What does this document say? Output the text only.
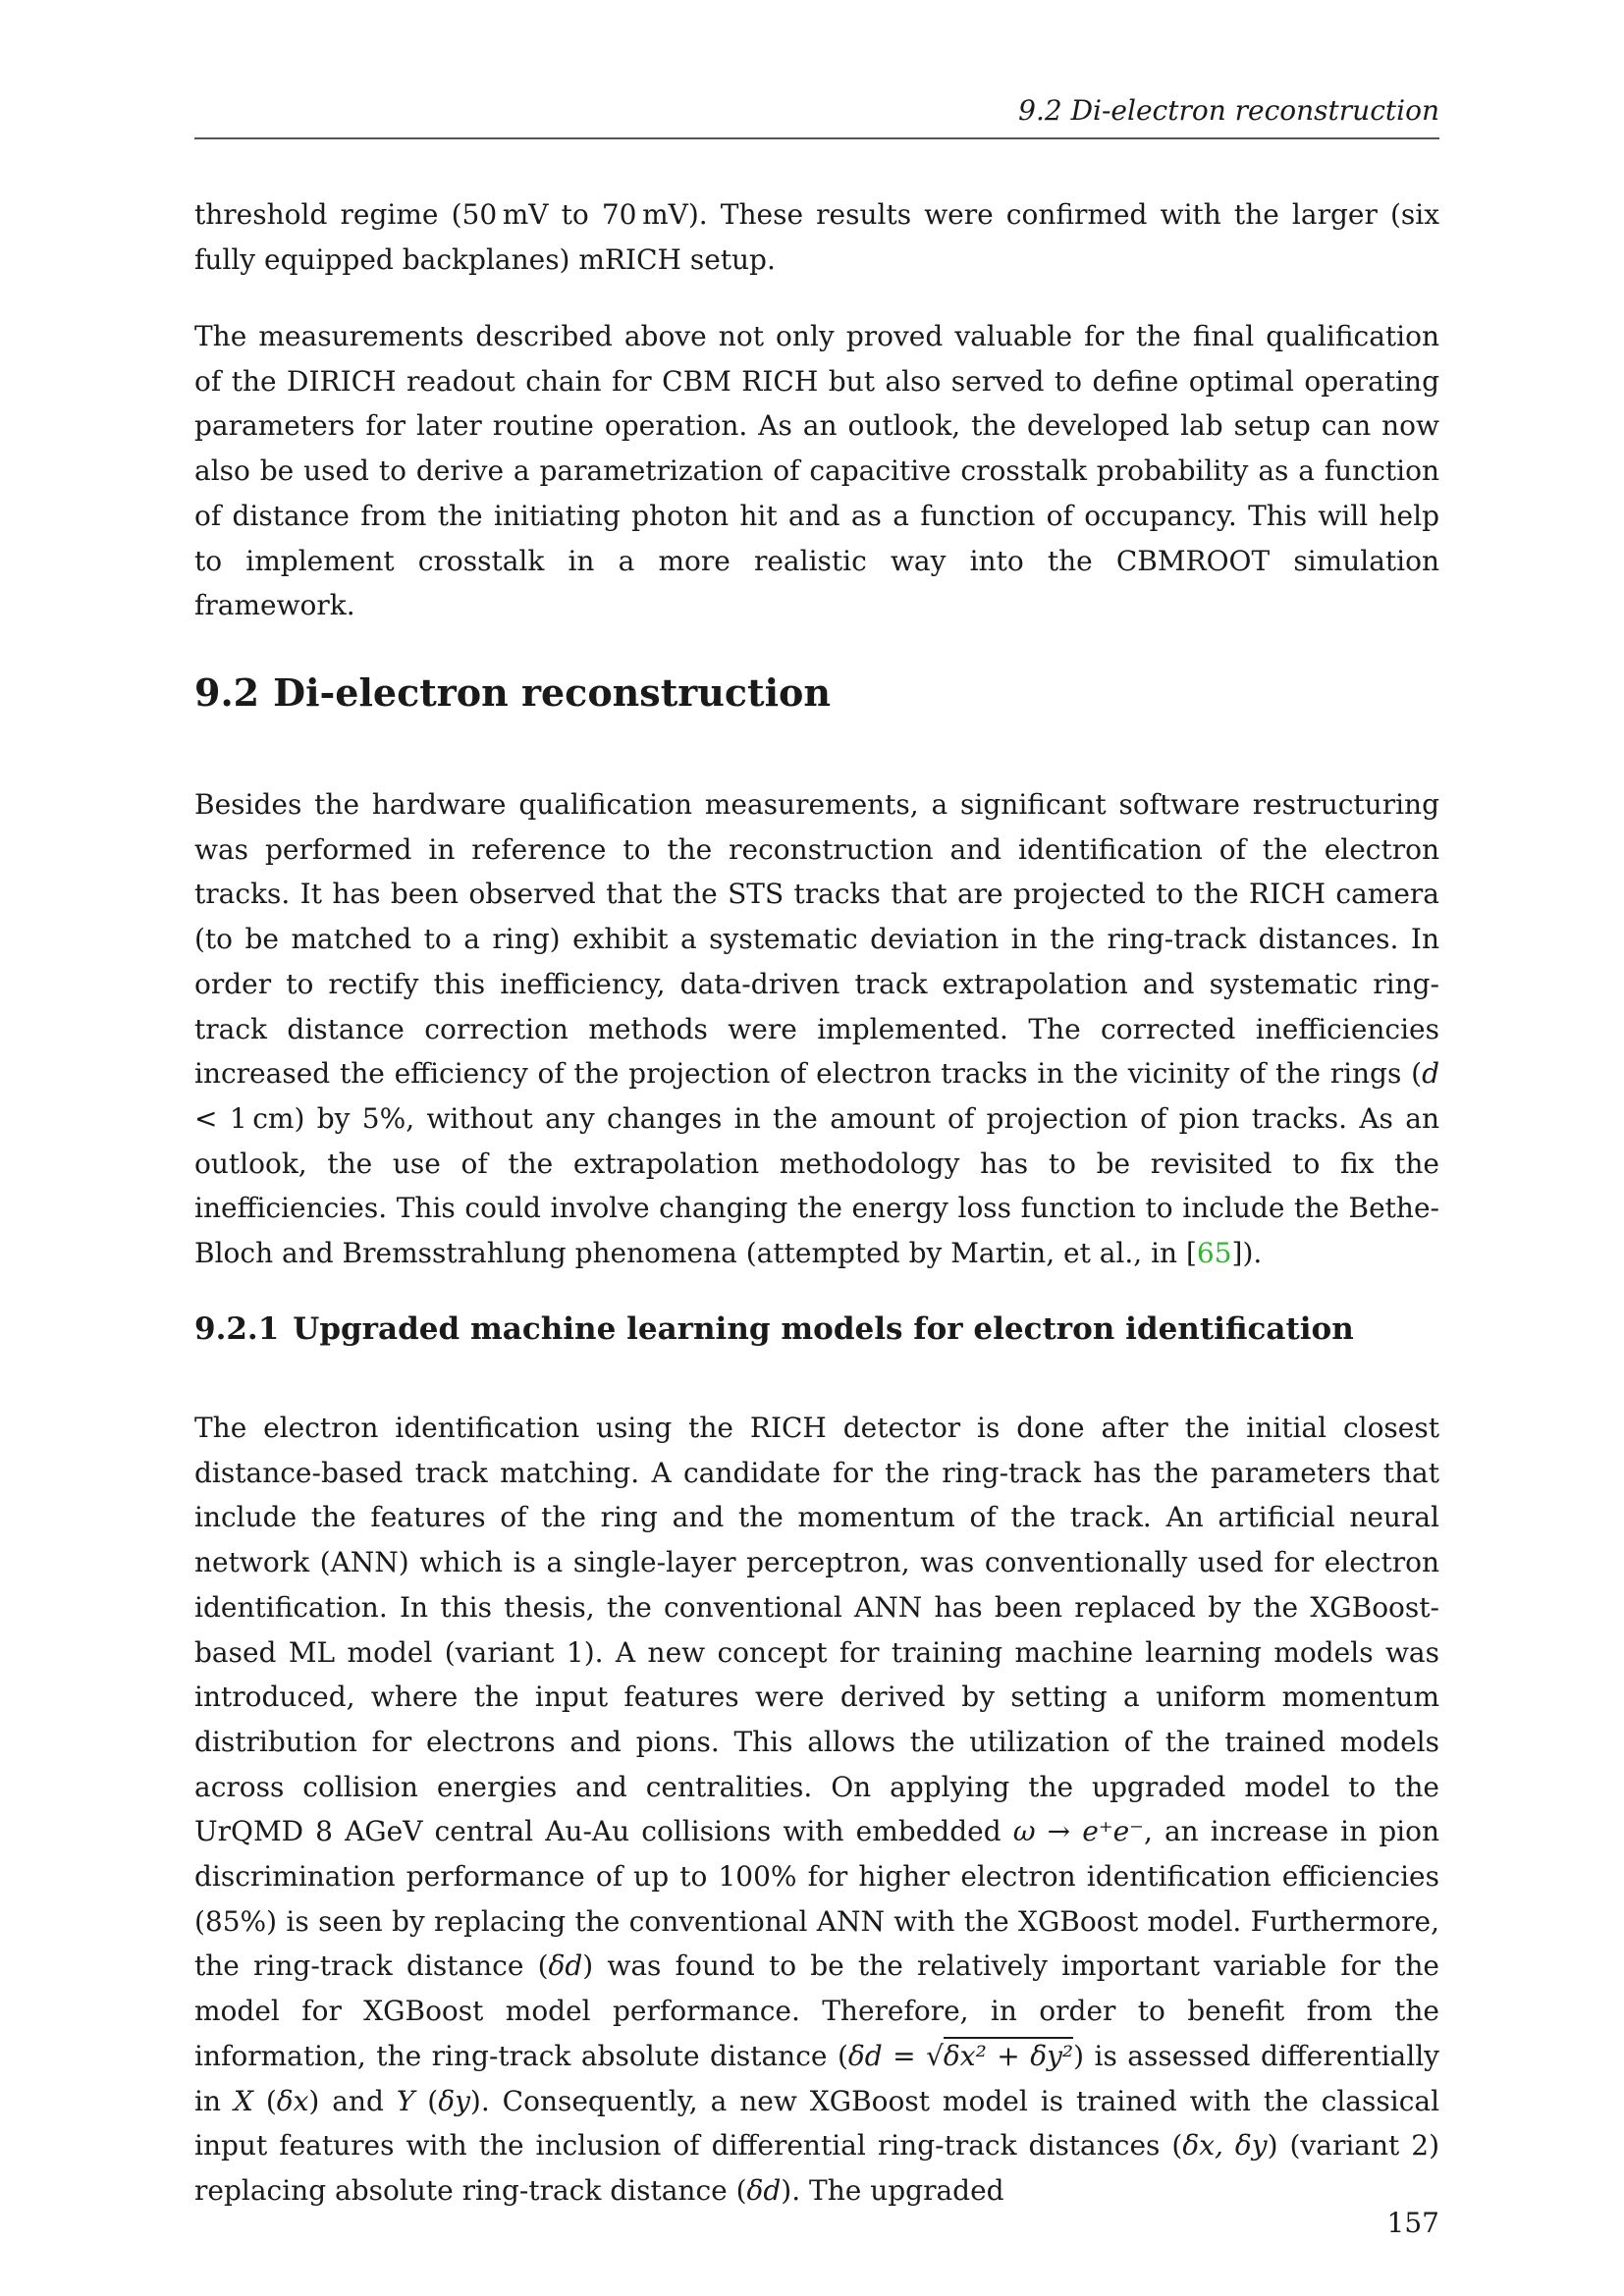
9.2 Di-electron reconstruction

threshold regime (50 mV to 70 mV). These results were confirmed with the larger (six fully equipped backplanes) mRICH setup.

The measurements described above not only proved valuable for the final qualification of the DIRICH readout chain for CBM RICH but also served to define optimal operating parameters for later routine operation. As an outlook, the developed lab setup can now also be used to derive a parametrization of capacitive crosstalk probability as a function of distance from the initiating photon hit and as a function of occupancy. This will help to implement crosstalk in a more realistic way into the CBMROOT simulation framework.

9.2 Di-electron reconstruction

Besides the hardware qualification measurements, a significant software restructuring was performed in reference to the reconstruction and identification of the electron tracks. It has been observed that the STS tracks that are projected to the RICH camera (to be matched to a ring) exhibit a systematic deviation in the ring-track distances. In order to rectify this inefficiency, data-driven track extrapolation and systematic ring-track distance correction methods were implemented. The corrected inefficiencies increased the efficiency of the projection of electron tracks in the vicinity of the rings (d < 1 cm) by 5%, without any changes in the amount of projection of pion tracks. As an outlook, the use of the extrapolation methodology has to be revisited to fix the inefficiencies. This could involve changing the energy loss function to include the Bethe-Bloch and Bremsstrahlung phenomena (attempted by Martin, et al., in [65]).

9.2.1 Upgraded machine learning models for electron identification

The electron identification using the RICH detector is done after the initial closest distance-based track matching. A candidate for the ring-track has the parameters that include the features of the ring and the momentum of the track. An artificial neural network (ANN) which is a single-layer perceptron, was conventionally used for electron identification. In this thesis, the conventional ANN has been replaced by the XGBoost-based ML model (variant 1). A new concept for training machine learning models was introduced, where the input features were derived by setting a uniform momentum distribution for electrons and pions. This allows the utilization of the trained models across collision energies and centralities. On applying the upgraded model to the UrQMD 8 AGeV central Au-Au collisions with embedded ω → e⁺e⁻, an increase in pion discrimination performance of up to 100% for higher electron identification efficiencies (85%) is seen by replacing the conventional ANN with the XGBoost model. Furthermore, the ring-track distance (δd) was found to be the relatively important variable for the model for XGBoost model performance. Therefore, in order to benefit from the information, the ring-track absolute distance (δd = √δx² + δy²) is assessed differentially in X (δx) and Y (δy). Consequently, a new XGBoost model is trained with the classical input features with the inclusion of differential ring-track distances (δx, δy) (variant 2) replacing absolute ring-track distance (δd). The upgraded

157
